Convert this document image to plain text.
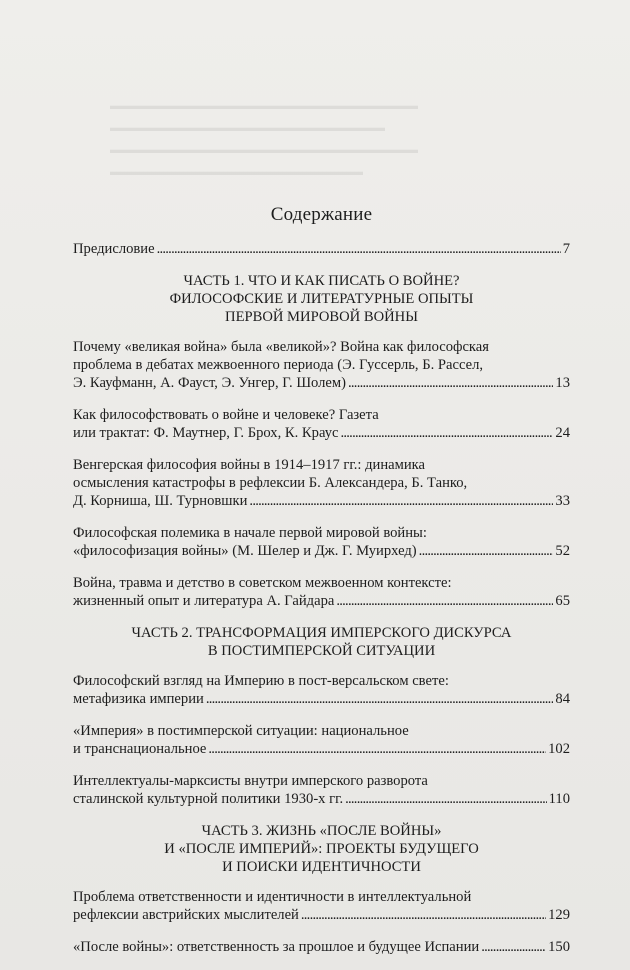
▬▬▬▬▬▬▬▬▬▬▬▬▬▬▬▬▬▬▬▬▬▬▬▬▬▬▬▬
▬▬▬▬▬▬▬▬▬▬▬▬▬▬▬▬▬▬▬▬▬▬▬▬▬
▬▬▬▬▬▬▬▬▬▬▬▬▬▬▬▬▬▬▬▬▬▬▬▬▬▬▬▬
▬▬▬▬▬▬▬▬▬▬▬▬▬▬▬▬▬▬▬▬▬▬▬
Содержание
Предисловие . . .	7
ЧАСТЬ 1. ЧТО И КАК ПИСАТЬ О ВОЙНЕ?
ФИЛОСОФСКИЕ И ЛИТЕРАТУРНЫЕ ОПЫТЫ
ПЕРВОЙ МИРОВОЙ ВОЙНЫ
Почему «великая война» была «великой»? Война как философская
проблема в дебатах межвоенного периода (Э. Гуссерль, Б. Рассел,
Э. Кауфманн, А. Фауст, Э. Унгер, Г. Шолем) . . .	13
Как философствовать о войне и человеке? Газета
или трактат: Ф. Маутнер, Г. Брох, К. Краус . . .	24
Венгерская философия войны в 1914–1917 гг.: динамика
осмысления катастрофы в рефлексии Б. Александера, Б. Танко,
Д. Корниша, Ш. Турновшки . . .	33
Философская полемика в начале первой мировой войны:
«философизация войны» (М. Шелер и Дж. Г. Муирхед) . . .	52
Война, травма и детство в советском межвоенном контексте:
жизненный опыт и литература А. Гайдара . . .	65
ЧАСТЬ 2. ТРАНСФОРМАЦИЯ ИМПЕРСКОГО ДИСКУРСА
В ПОСТИМПЕРСКОЙ СИТУАЦИИ
Философский взгляд на Империю в пост-версальском свете:
метафизика империи . . .	84
«Империя» в постимперской ситуации: национальное
и транснациональное . . .	102
Интеллектуалы-марксисты внутри имперского разворота
сталинской культурной политики 1930-х гг. . . .	110
ЧАСТЬ 3. ЖИЗНЬ «ПОСЛЕ ВОЙНЫ»
И «ПОСЛЕ ИМПЕРИЙ»: ПРОЕКТЫ БУДУЩЕГО
И ПОИСКИ ИДЕНТИЧНОСТИ
Проблема ответственности и идентичности в интеллектуальной
рефлексии австрийских мыслителей . . .	129
«После войны»: ответственность за прошлое и будущее Испании . . .	150
